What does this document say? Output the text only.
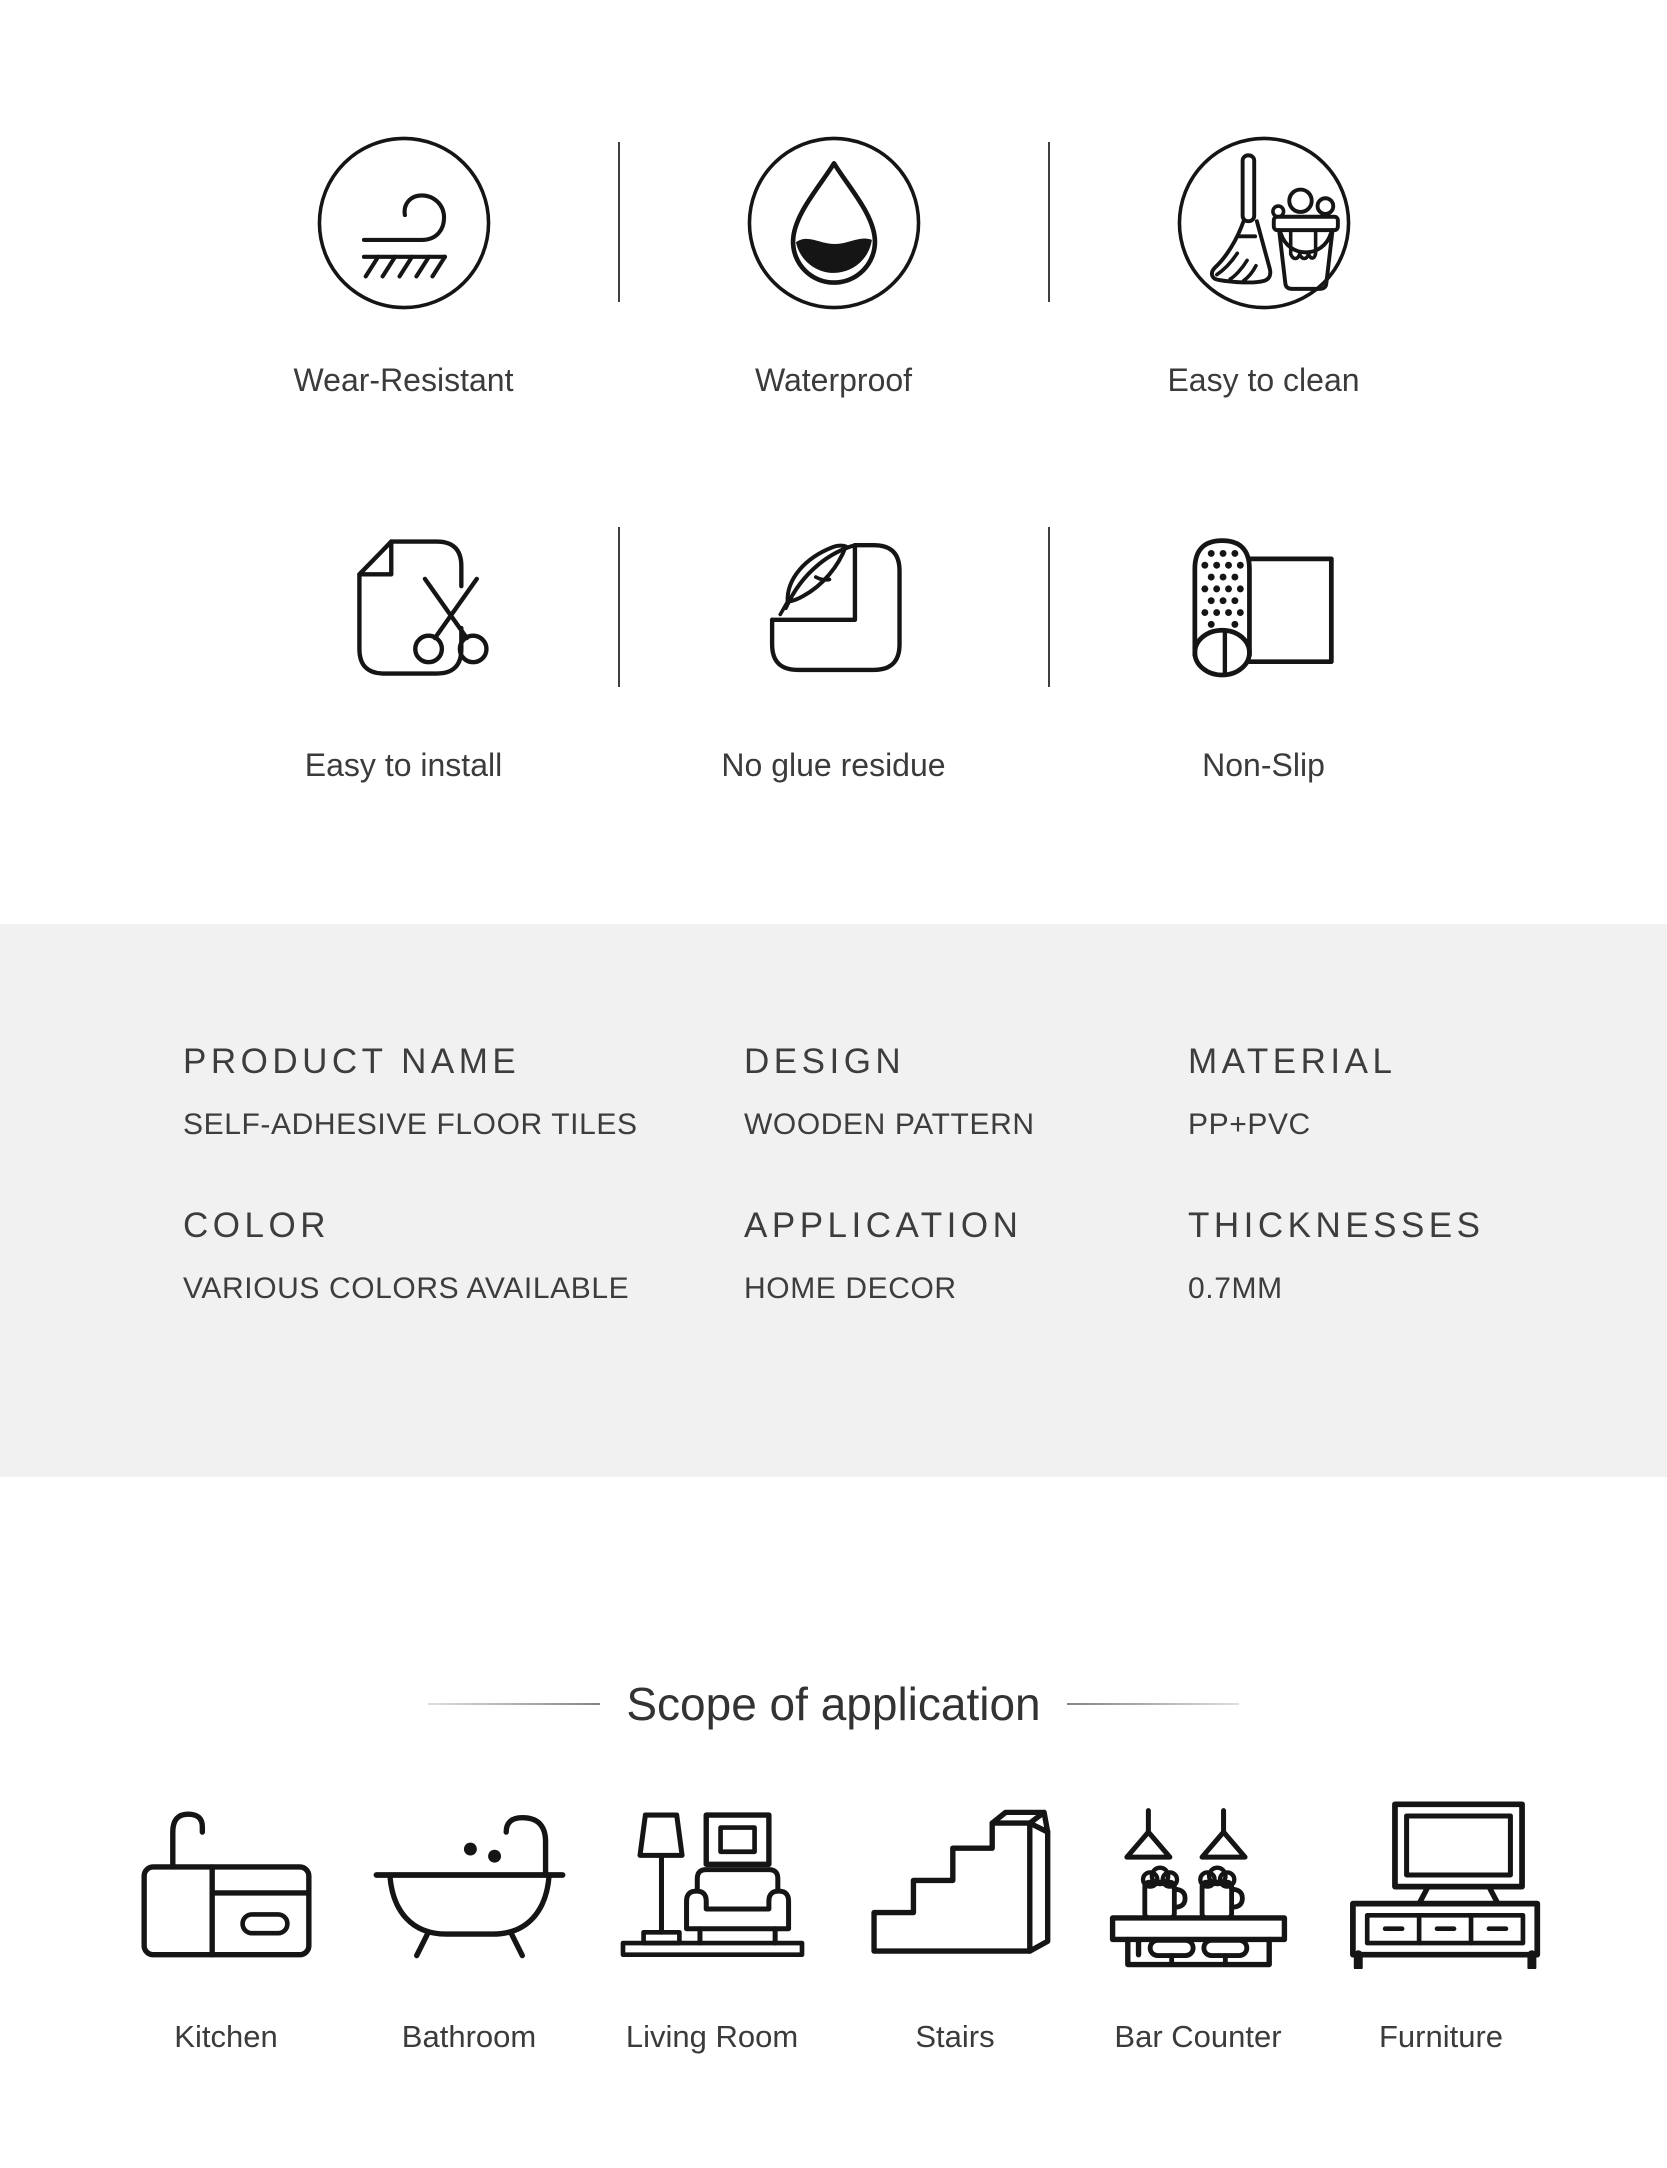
Wear-Resistant	Waterproof	Easy to clean
Easy to install	No glue residue	Non-Slip
PRODUCT NAME
SELF-ADHESIVE FLOOR TILES
DESIGN
WOODEN PATTERN
MATERIAL
PP+PVC
COLOR
VARIOUS COLORS AVAILABLE
APPLICATION
HOME DECOR
THICKNESSES
0.7MM
Scope of application
Kitchen	Bathroom	Living Room	Stairs	Bar Counter	Furniture
